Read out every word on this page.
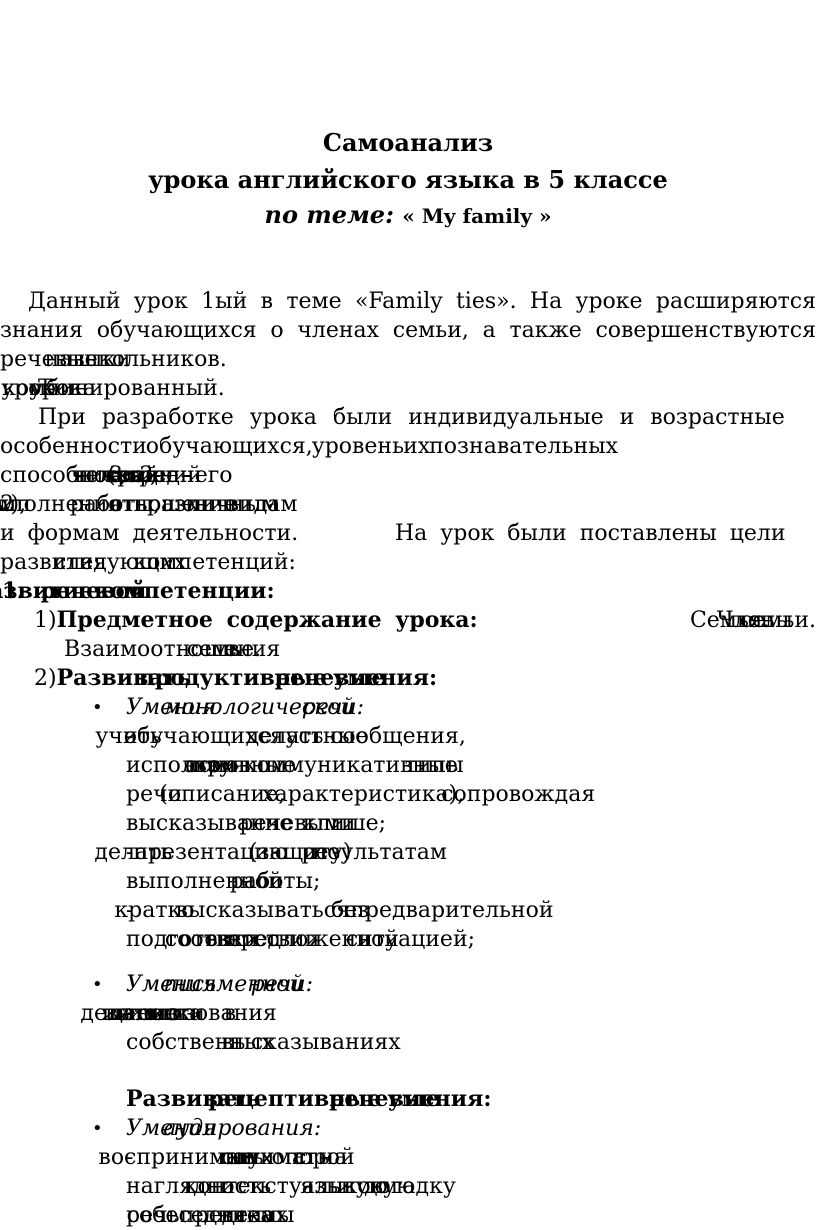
Самоанализ
урока английского языка в 5 классе
по теме: « My family »
Данный урок 1ый в теме «Family ties». На уроке расширяются
знания обучающихся о членах семьи, а также совершенствуются
речевые навыки школьников.
Тип урока – урок комбинированный.
При разработке урока были индивидуальные и возрастные
особенности обучающихся, уровень их познавательных
способностей (выше среднего – 2 чел., средний – 3 чел., низкий –
2 чел.), темп выполнения работы, отношение к различным видам
и формам деятельности.	На урок были поставлены цели
развития следующих компетенций:
1. Развитие речевой компетенции:
1) Предметное содержание урока:	Семья. Члены семьи.
Взаимоотношения в семье.
2) Развивать продуктивные речевые умения:
• Умения монологической речи:
- учить обучающихся делать устные сообщения,
используя при этом основные коммуникативные типы
речи (описание, характеристика), сопровождая
высказывание речевыми клише;
- делать презентацию (защиту) по результатам
выполненной работы;
- кратко высказываться без предварительной
подготовки в соответствии с предложенной ситуацией;
• Умения письменной речи:
- делать выписки из текста с целью их использования в
собственных высказываниях
Развивать рецептивные речевые умения:
• Умения аудирования:
- воспринимать на слух и понимать с опорой на
наглядность и контекстуальную и языковую догадку
речь собеседника в пределах темы
